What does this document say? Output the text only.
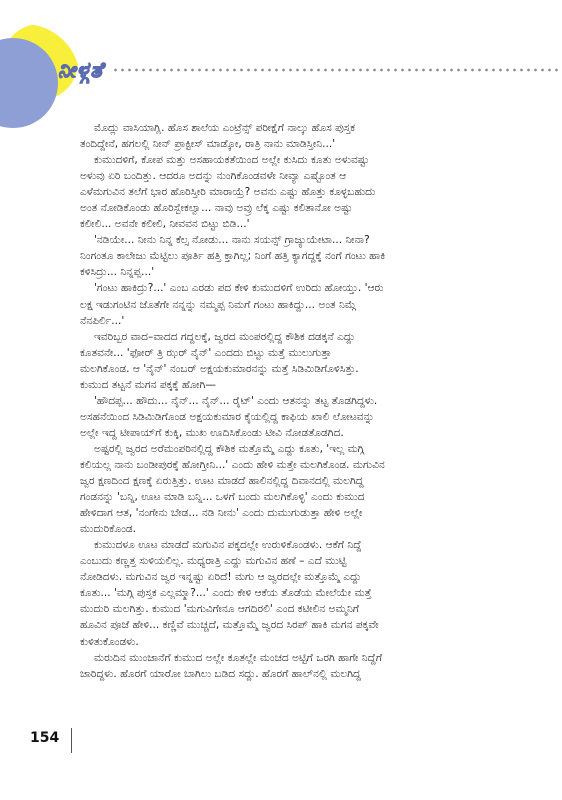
ನೀಳ್ಗತೆ
ಮೊದ್ಲು ವಾಸಿಯಾಗ್ಲಿ. ಹೊಸ ಶಾಲೆಯ ಎಂಟ್ರೆನ್ಸ್ ಪರೀಕ್ಷೆಗೆ ನಾಲ್ಕು ಹೊಸ ಪುಸ್ತಕ
ತಂದಿದ್ದೇನೆ, ಹಗಲಲ್ಲಿ ನೀನ್ ಪ್ರಾಕ್ಟೀಸ್ ಮಾಡ್ಕೋ, ರಾತ್ರಿ ನಾನು ಮಾಡಿಸ್ತೀನಿ...'
ಕುಮುದಳಿಗೆ, ಕೋಪ ಮತ್ತು ಅಸಹಾಯಕತೆಯಿಂದ ಅಲ್ಲೇ ಕುಸಿದು ಕೂತು ಅಳುವಷ್ಟು
ಅಳುವು ಏರಿ ಬಂದಿತ್ತು. ಆದರೂ ಅದನ್ನು ನುಂಗಿಕೊಂಡವಳೇ ನೀವ್ಯಾ ಎಷ್ಟೊಂತ ಆ
ಎಳೆಮಗುವಿನ ತಲೆಗೆ ಭಾರ ಹೊರಿಸ್ತೀರಿ ಮಾರಾಯ್ರೆ? ಅವನು ಎಷ್ಟು ಹೊತ್ತು ಕೂಳ್ಳಬಹುದು
ಅಂತ ನೋಡಿಕೊಂಡು ಹೊರಿಸ್ಬೇಕಲ್ವಾ... ನಾವು ಅವ್ರು ಲೆಕ್ಕ ಎಷ್ಟು ಕಲಿತಾನೋ ಅಷ್ಟು
ಕಲೀಲಿ... ಅವನೇ ಕಲೀಲಿ, ನೀವವನ ಬಿಟ್ಟು ಬಿಡಿ...'
'ನಡಿಯೇ... ನೀನು ನಿನ್ನ ಕೆಲ್ಸ ನೋಡು... ನಾನು ಸಯನ್ಸ್ ಗ್ರಾಜ್ಯುಯೇಟಾ... ನೀನಾ?
ನಿಂಗಂತೂ ಕಾಲೇಜು ಮೆಟ್ಟಿಲು ಪೂರ್ತಿ ಹತ್ತಿ ಕ್ತಾಗಿಲ್ಲ; ನಿಂಗೆ ಹತ್ತಿ ಕ್ಯಾಗದ್ದಕ್ಕೆ ನಂಗೆ ಗಂಟು ಹಾಕಿ
ಕಳಿಸಿದ್ರು... ನಿನ್ನಪ್ಪ...'
'ಗಂಟು ಹಾಕಿದ್ರು?...' ಎಂಬ ಎರಡು ಪದ ಕೇಳಿ ಕುಮುದಳಿಗೆ ಉರಿದು ಹೋಯ್ತು. 'ಆರು
ಲಕ್ಷ ಇಡುಗಂಟಿನ ಜೊತೆಗೇ ನನ್ನನ್ನು ನಮ್ಮಪ್ಪ ನಿಮಗೆ ಗಂಟು ಹಾಕಿದ್ದು... ಅಂತ ನಿಮ್ಗೆ
ನೆನಪಿರ್ಲಿ...'
ಇವರಿಬ್ಬರ ವಾದ–ವಾದದ ಗದ್ದಲಕ್ಕೆ, ಜ್ವರದ ಮಂಪರಲ್ಲಿದ್ದ ಕೌಶಿಕ ದಡಕ್ಕನೆ ಎದ್ದು
ಕೂತವನೇ... 'ಫೋರ್ ತ್ರಿ ಝರ್ ನೈನ್' ಎಂದದು ಬಿಟ್ಟು ಮತ್ತೆ ಮುಲುಗುತ್ತಾ
ಮಲಗಿಕೊಂಡ. ಆ 'ನೈನ್' ನಂಬರ್ ಅಕ್ಷಯಕುಮಾರನನ್ನು ಮತ್ತೆ ಸಿಡಿಮಿಡಿಗೊಳಿಸಿತ್ತು.
ಕುಮುದ ತಟ್ಟನೆ ಮಗನ ಪಕ್ಕಕ್ಕೆ ಹೋಗಿ—
'ಹೌದಪ್ಪ... ಹೌದು... ನೈನ್... ನೈನ್... ರೈಟ್' ಎಂದು ಆತನನ್ನು ತಟ್ಟ ತೊಡಗಿದ್ದಳು.
ಅಸಹನೆಯಿಂದ ಸಿಡಿಮಿಡಿಗೊಂಡ ಅಕ್ಷಯಕುಮಾರ ಕೈಯಲ್ಲಿದ್ದ ಕಾಫಿಯ ಖಾಲಿ ಲೋಟವನ್ನು
ಅಲ್ಲೇ ಇದ್ದ ಟೀಪಾಯ್‌ಗೆ ಕುಕ್ಕಿ, ಮುಖ ಊದಿಸಿಕೊಂಡು ಟೀವಿ ನೋಡತೊಡಗಿದ.
ಅಷ್ಟರಲ್ಲಿ ಜ್ವರದ ಅರೆಮಂಪರಿನಲ್ಲಿದ್ದ ಕೌಶಿಕ ಮತ್ತೊಮ್ಮೆ ಎದ್ದು ಕೂತು, 'ಇಲ್ಲ ಮಗ್ಗಿ
ಕಲಿಯಲ್ಲ ನಾನು ಬಂಡೀಪುರಕ್ಕೆ ಹೋಗ್ತೀನಿ...' ಎಂದು ಹೇಳಿ ಮತ್ತೇ ಮಲಗಿಕೊಂಡ. ಮಗುವಿನ
ಜ್ವರ ಕ್ಷಣದಿಂದ ಕ್ಷಣಕ್ಕೆ ಏರುತ್ತಿತ್ತು. ಊಟ ಮಾಡದೆ ಹಾಲಿನಲ್ಲಿದ್ದ ದಿವಾನದಲ್ಲಿ ಮಲಗಿದ್ದ
ಗಂಡನನ್ನು 'ಬನ್ನಿ, ಊಟ ಮಾಡಿ ಬನ್ನಿ... ಒಳಗೆ ಬಂದು ಮಲಗಿಕೊಳ್ಳಿ' ಎಂದು ಕುಮುದ
ಹೇಳಿದಾಗ ಆತ, 'ನಂಗೇನು ಬೇಡ... ನಡಿ ನೀನು' ಎಂದು ದುಮುಗುಡುತ್ತಾ ಹೇಳಿ ಅಲ್ಲೇ
ಮುದುರಿಕೊಂಡ.
ಕುಮುದಳೂ ಊಟ ಮಾಡದೆ ಮಗುವಿನ ಪಕ್ಕದಲ್ಲೇ ಉರುಳಿಕೊಂಡಳು. ಆಕೆಗೆ ನಿದ್ದೆ
ಎಂಬುದು ಕಣ್ಣತ್ತ ಸುಳಿಯಲಿಲ್ಲ. ಮಧ್ಯರಾತ್ರಿ ಎದ್ದು ಮಗುವಿನ ಹಣೆ – ಎದೆ ಮುಟ್ಟಿ
ನೋಡಿದಳು. ಮಗುವಿನ ಜ್ವರ ಇನ್ನಷ್ಟು ಏರಿದೆ! ಮಗು ಆ ಜ್ವರದಲ್ಲೇ ಮತ್ತೊಮ್ಮೆ ಎದ್ದು
ಕೂತು... 'ಮಗ್ಗಿ ಪುಸ್ತಕ ಎಲ್ಲಮ್ಮಾ?...' ಎಂದು ಕೇಳಿ ಆಕೆಯ ತೊಡೆಯ ಮೇಲೆಯೇ ಮತ್ತೆ
ಮುದುರಿ ಮಲಗಿತ್ತು. ಕುಮುದ 'ಮಗುವಿಗೇನೂ ಆಗದಿರಲಿ' ಎಂದ ಕಟೀಲಿನ ಅಮ್ಮನಿಗೆ
ಹೂವಿನ ಪೂಜೆ ಹೇಳಿ... ಕಣ್ಣಿವೆ ಮುಚ್ಚದೆ, ಮತ್ತೊಮ್ಮೆ ಜ್ವರದ ಸಿರಪ್ ಹಾಕಿ ಮಗನ ಪಕ್ಕವೇ
ಕುಳಿತುಕೊಂಡಳು.
ಮರುದಿನ ಮುಂಜಾನೆಗೆ ಕುಮುದ ಅಲ್ಲೇ ಕೂತಲ್ಲೇ ಮಂಚದ ಅಟ್ಟಿಗೆ ಒರಗಿ ಹಾಗೇ ನಿದ್ದೆಗೆ
ಜಾರಿದ್ದಳು. ಹೊರಗೆ ಯಾರೋ ಬಾಗಿಲು ಬಡಿದ ಸದ್ದು. ಹೊರಗೆ ಹಾಲ್‌ನಲ್ಲಿ ಮಲಗಿದ್ದ
154
